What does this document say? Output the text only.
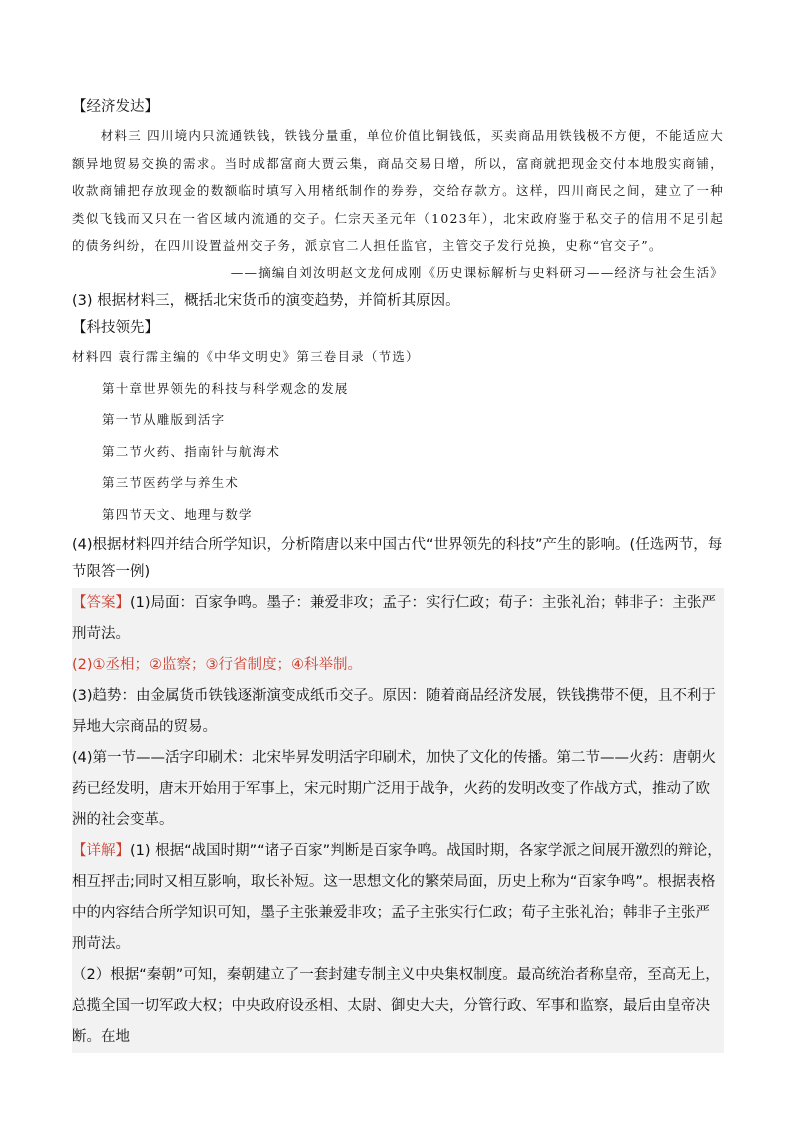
【经济发达】

材料三 四川境内只流通铁钱，铁钱分量重，单位价值比铜钱低，买卖商品用铁钱极不方便，不能适应大额异地贸易交换的需求。当时成都富商大贾云集，商品交易日增，所以，富商就把现金交付本地殷实商铺，收款商铺把存放现金的数额临时填写入用楮纸制作的券券，交给存款方。这样，四川商民之间，建立了一种类似飞钱而又只在一省区域内流通的交子。仁宗天圣元年（1023年），北宋政府鉴于私交子的信用不足引起的债务纠纷，在四川设置益州交子务，派京官二人担任监官，主管交子发行兑换，史称“官交子”。

——摘编自刘汝明赵文龙何成刚《历史课标解析与史料研习——经济与社会生活》

(3) 根据材料三，概括北宋货币的演变趋势，并简析其原因。

【科技领先】

材料四 袁行霈主编的《中华文明史》第三卷目录（节选）

第十章世界领先的科技与科学观念的发展

第一节从雕版到活字

第二节火药、指南针与航海术

第三节医药学与养生术

第四节天文、地理与数学

(4)根据材料四并结合所学知识，分析隋唐以来中国古代“世界领先的科技”产生的影响。(任选两节，每节限答一例)

【答案】(1)局面：百家争鸣。墨子：兼爱非攻；孟子：实行仁政；荀子：主张礼治；韩非子：主张严刑苛法。

(2)①丞相；②监察；③行省制度；④科举制。

(3)趋势：由金属货币铁钱逐渐演变成纸币交子。原因：随着商品经济发展，铁钱携带不便，且不利于异地大宗商品的贸易。

(4)第一节——活字印刷术：北宋毕昇发明活字印刷术，加快了文化的传播。第二节——火药：唐朝火药已经发明，唐末开始用于军事上，宋元时期广泛用于战争，火药的发明改变了作战方式，推动了欧洲的社会变革。

【详解】(1) 根据“战国时期”“诸子百家”判断是百家争鸣。战国时期，各家学派之间展开激烈的辩论，相互抨击;同时又相互影响，取长补短。这一思想文化的繁荣局面，历史上称为“百家争鸣”。根据表格中的内容结合所学知识可知，墨子主张兼爱非攻；孟子主张实行仁政；荀子主张礼治；韩非子主张严刑苛法。

（2）根据“秦朝”可知，秦朝建立了一套封建专制主义中央集权制度。最高统治者称皇帝，至高无上，总揽全国一切军政大权；中央政府设丞相、太尉、御史大夫，分管行政、军事和监察，最后由皇帝决断。在地
